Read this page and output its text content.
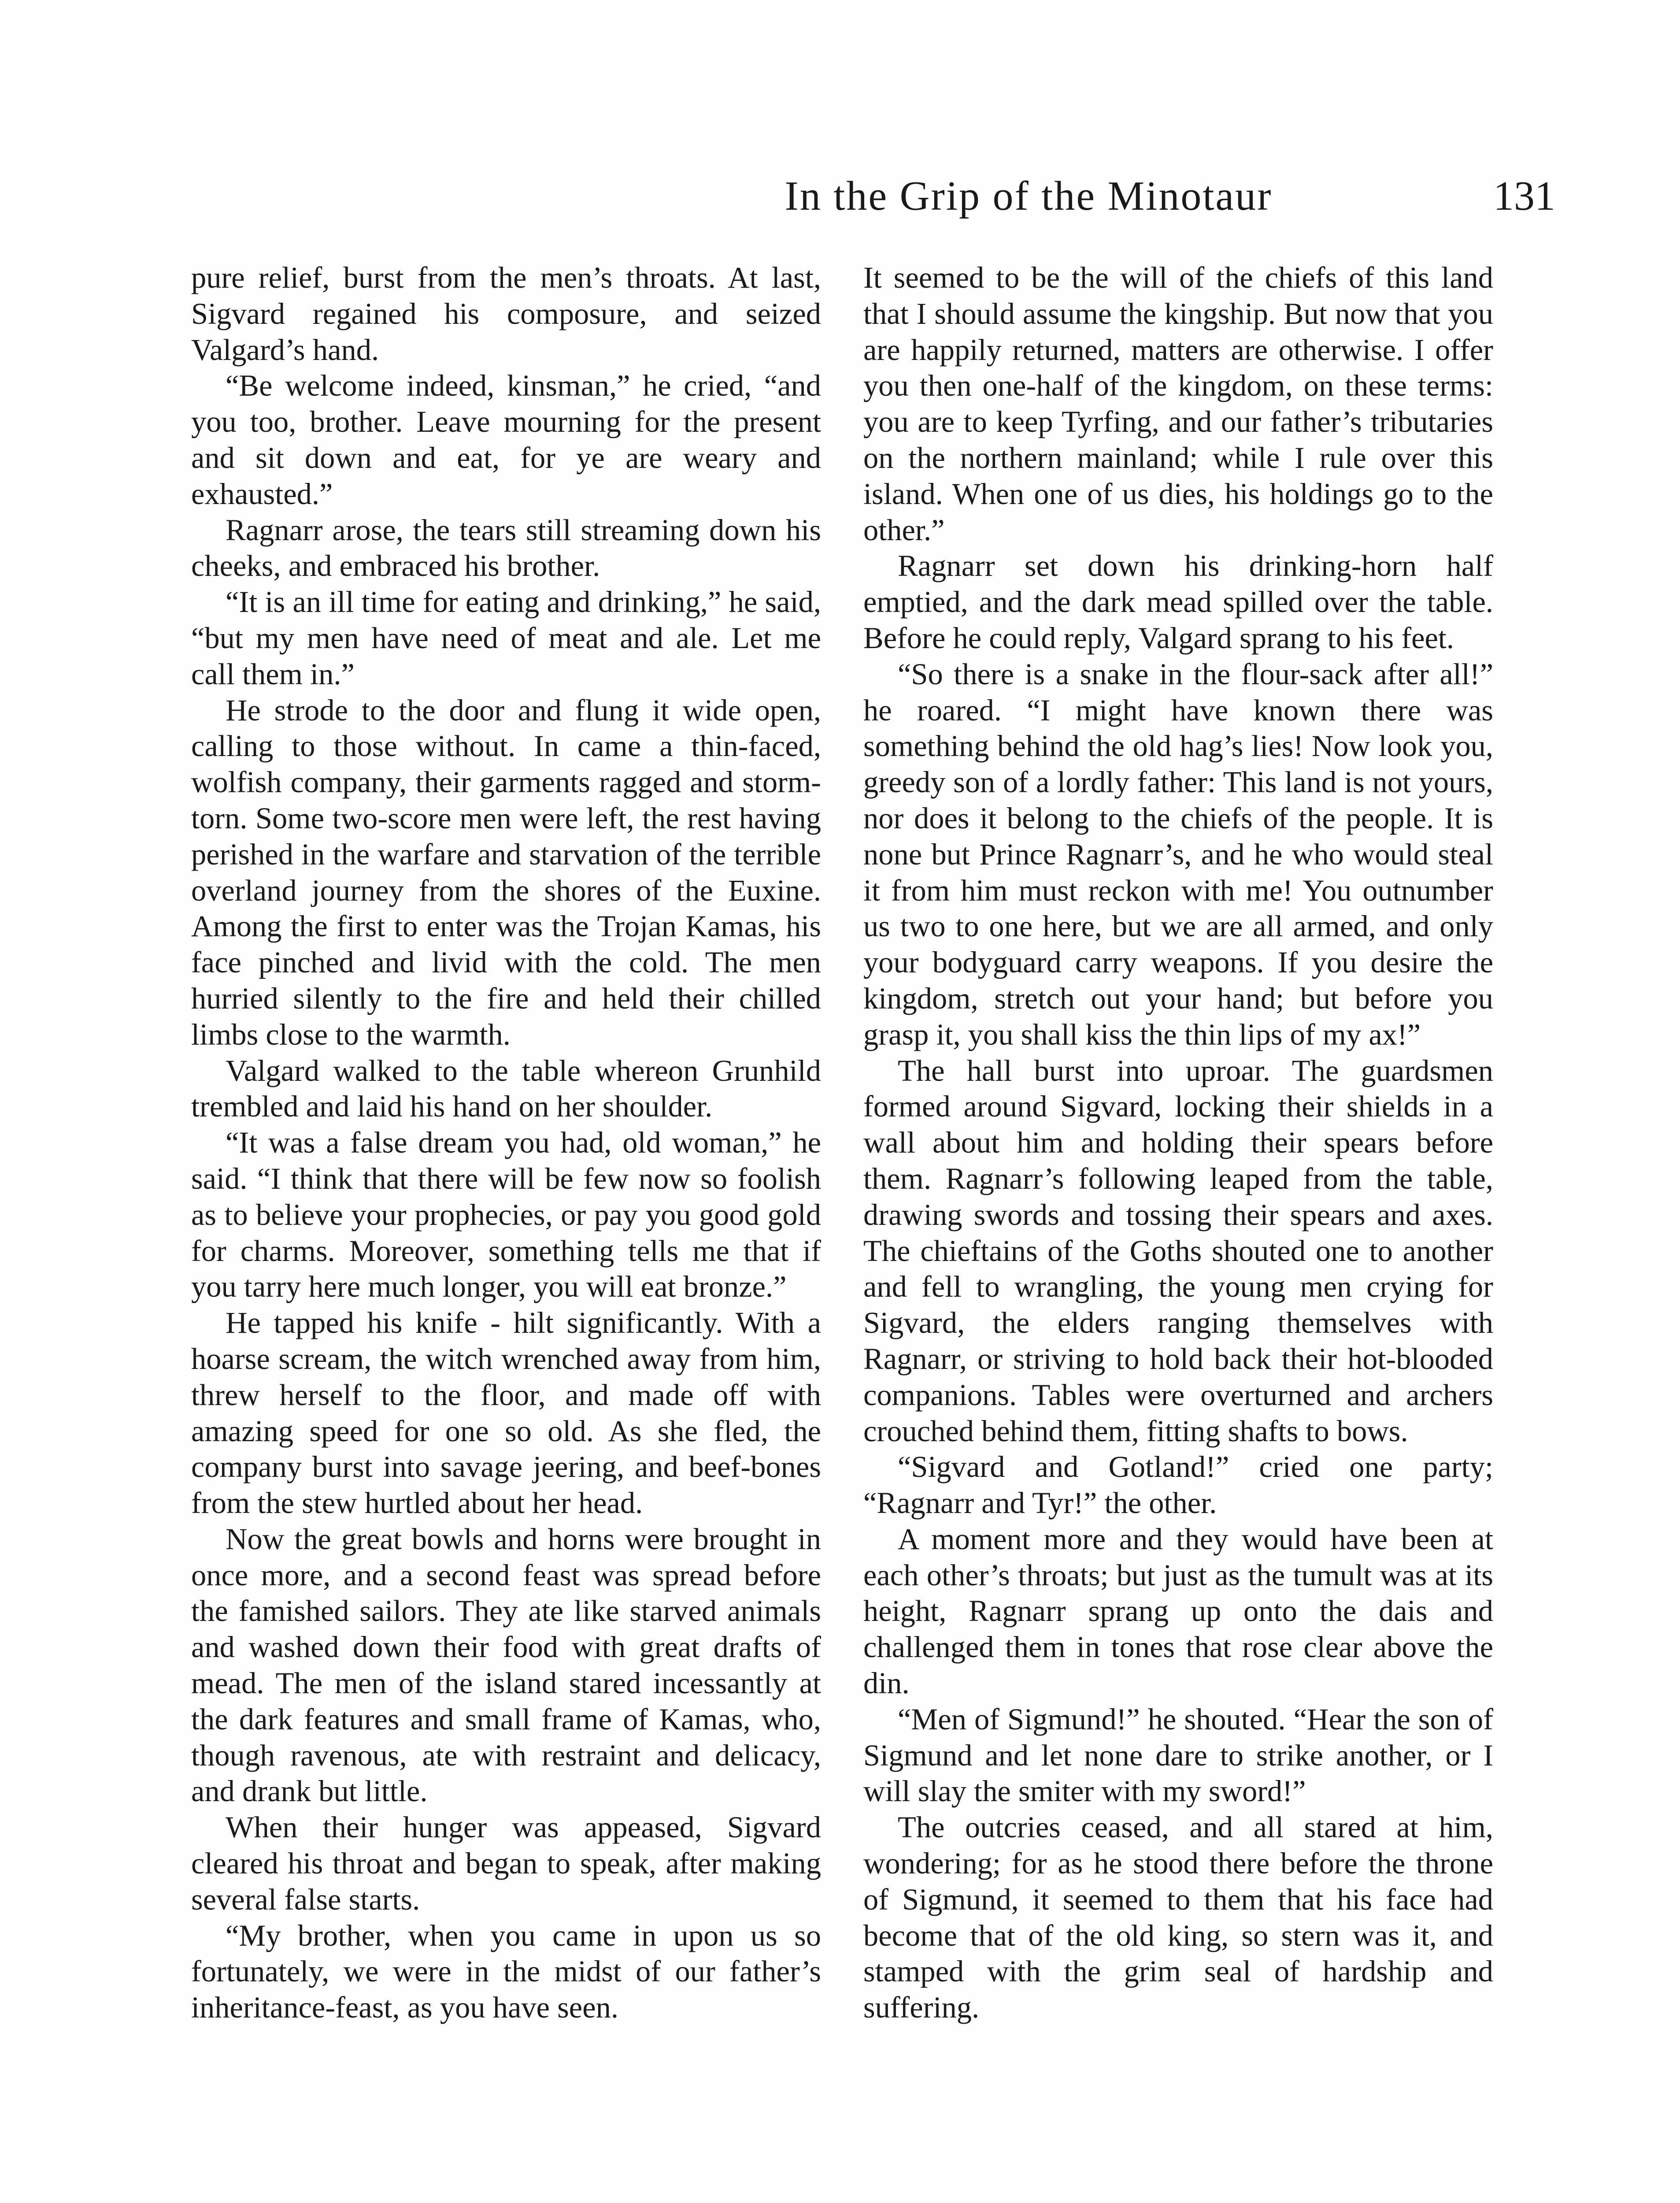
In the Grip of the Minotaur	131

pure relief, burst from the men’s throats. At last, Sigvard regained his composure, and seized Valgard’s hand.

“Be welcome indeed, kinsman,” he cried, “and you too, brother. Leave mourning for the present and sit down and eat, for ye are weary and exhausted.”

Ragnarr arose, the tears still streaming down his cheeks, and embraced his brother.

“It is an ill time for eating and drinking,” he said, “but my men have need of meat and ale. Let me call them in.”

He strode to the door and flung it wide open, calling to those without. In came a thin-faced, wolfish company, their garments ragged and storm-torn. Some two-score men were left, the rest having perished in the warfare and starvation of the terrible overland journey from the shores of the Euxine. Among the first to enter was the Trojan Kamas, his face pinched and livid with the cold. The men hurried silently to the fire and held their chilled limbs close to the warmth.

Valgard walked to the table whereon Grunhild trembled and laid his hand on her shoulder.

“It was a false dream you had, old woman,” he said. “I think that there will be few now so foolish as to believe your prophecies, or pay you good gold for charms. Moreover, something tells me that if you tarry here much longer, you will eat bronze.”

He tapped his knife - hilt significantly. With a hoarse scream, the witch wrenched away from him, threw herself to the floor, and made off with amazing speed for one so old. As she fled, the company burst into savage jeering, and beef-bones from the stew hurtled about her head.

Now the great bowls and horns were brought in once more, and a second feast was spread before the famished sailors. They ate like starved animals and washed down their food with great drafts of mead. The men of the island stared incessantly at the dark features and small frame of Kamas, who, though ravenous, ate with restraint and delicacy, and drank but little.

When their hunger was appeased, Sigvard cleared his throat and began to speak, after making several false starts.

“My brother, when you came in upon us so fortunately, we were in the midst of our father’s inheritance-feast, as you have seen.

It seemed to be the will of the chiefs of this land that I should assume the kingship. But now that you are happily returned, matters are otherwise. I offer you then one-half of the kingdom, on these terms: you are to keep Tyrfing, and our father’s tributaries on the northern mainland; while I rule over this island. When one of us dies, his holdings go to the other.”

Ragnarr set down his drinking-horn half emptied, and the dark mead spilled over the table. Before he could reply, Valgard sprang to his feet.

“So there is a snake in the flour-sack after all!” he roared. “I might have known there was something behind the old hag’s lies! Now look you, greedy son of a lordly father: This land is not yours, nor does it belong to the chiefs of the people. It is none but Prince Ragnarr’s, and he who would steal it from him must reckon with me! You outnumber us two to one here, but we are all armed, and only your bodyguard carry weapons. If you desire the kingdom, stretch out your hand; but before you grasp it, you shall kiss the thin lips of my ax!”

The hall burst into uproar. The guardsmen formed around Sigvard, locking their shields in a wall about him and holding their spears before them. Ragnarr’s following leaped from the table, drawing swords and tossing their spears and axes. The chieftains of the Goths shouted one to another and fell to wrangling, the young men crying for Sigvard, the elders ranging themselves with Ragnarr, or striving to hold back their hot-blooded companions. Tables were overturned and archers crouched behind them, fitting shafts to bows.

“Sigvard and Gotland!” cried one party; “Ragnarr and Tyr!” the other.

A moment more and they would have been at each other’s throats; but just as the tumult was at its height, Ragnarr sprang up onto the dais and challenged them in tones that rose clear above the din.

“Men of Sigmund!” he shouted. “Hear the son of Sigmund and let none dare to strike another, or I will slay the smiter with my sword!”

The outcries ceased, and all stared at him, wondering; for as he stood there before the throne of Sigmund, it seemed to them that his face had become that of the old king, so stern was it, and stamped with the grim seal of hardship and suffering.
